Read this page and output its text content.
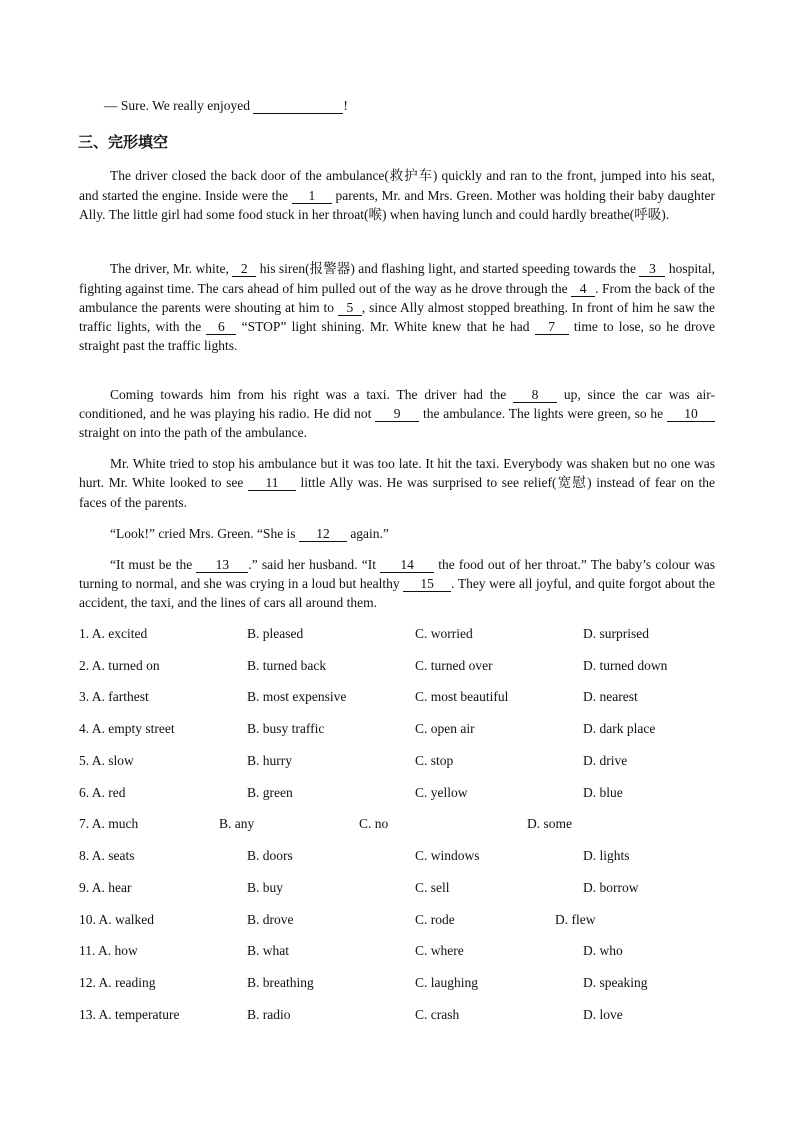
— Sure. We really enjoyed	!
三、完形填空
The driver closed the back door of the ambulance(救护车) quickly and ran to the front, jumped into his seat, and started the engine. Inside were the 1 parents, Mr. and Mrs. Green. Mother was holding their baby daughter Ally. The little girl had some food stuck in her throat(喉) when having lunch and could hardly breathe(呼吸).
The driver, Mr. white, 2 his siren(报警器) and flashing light, and started speeding towards the 3 hospital, fighting against time. The cars ahead of him pulled out of the way as he drove through the 4 . From the back of the ambulance the parents were shouting at him to 5 , since Ally almost stopped breathing. In front of him he saw the traffic lights, with the 6 “STOP” light shining. Mr. White knew that he had 7 time to lose, so he drove straight past the traffic lights.
Coming towards him from his right was a taxi. The driver had the 8 up, since the car was air-conditioned, and he was playing his radio. He did not 9 the ambulance. The lights were green, so he 10 straight on into the path of the ambulance.
Mr. White tried to stop his ambulance but it was too late. It hit the taxi. Everybody was shaken but no one was hurt. Mr. White looked to see 11 little Ally was. He was surprised to see relief(宽慰) instead of fear on the faces of the parents.
“Look!” cried Mrs. Green. “She is 12 again.”
“It must be the 13 .” said her husband. “It 14 the food out of her throat.” The baby’s colour was turning to normal, and she was crying in a loud but healthy 15 . They were all joyful, and quite forgot about the accident, the taxi, and the lines of cars all around them.
1. A. excited	B. pleased	C. worried	D. surprised
2. A. turned on	B. turned back	C. turned over	D. turned down
3. A. farthest	B. most expensive	C. most beautiful	D. nearest
4. A. empty street	B. busy traffic	C. open air	D. dark place
5. A. slow	B. hurry	C. stop	D. drive
6. A. red	B. green	C. yellow	D. blue
7. A. much	B. any	C. no	D. some
8. A. seats	B. doors	C. windows	D. lights
9. A. hear	B. buy	C. sell	D. borrow
10. A. walked	B. drove	C. rode	D. flew
11. A. how	B. what	C. where	D. who
12. A. reading	B. breathing	C. laughing	D. speaking
13. A. temperature	B. radio	C. crash	D. love
